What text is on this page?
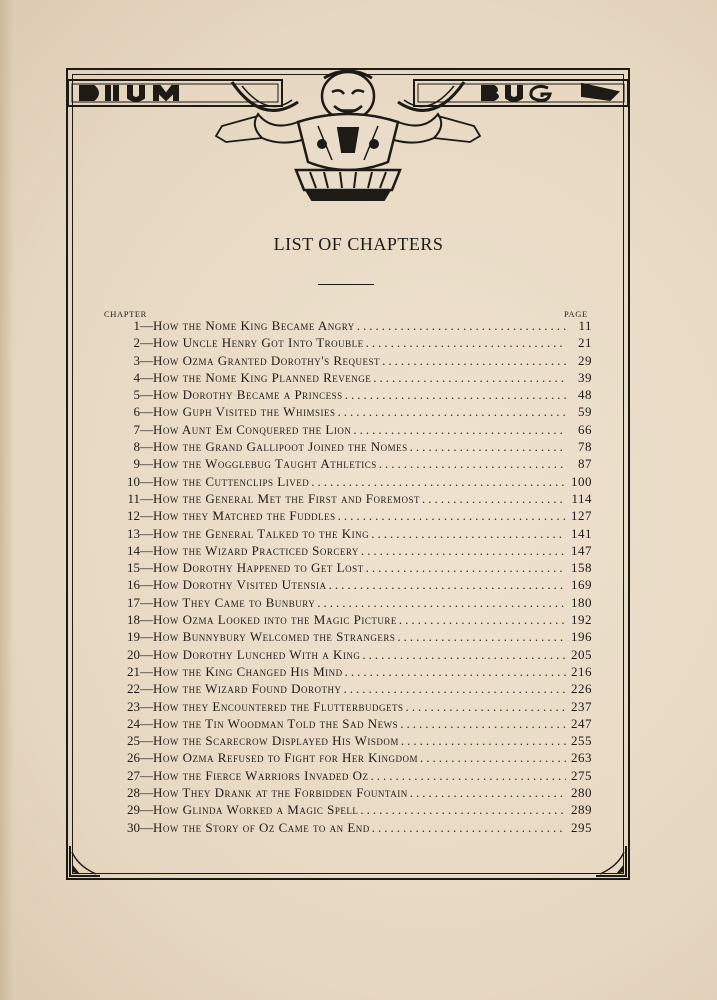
LIST OF CHAPTERS
CHAPTER	PAGE
1 — How the Nome King Became Angry .....	11
2 — How Uncle Henry Got Into Trouble .....	21
3 — How Ozma Granted Dorothy's Request .....	29
4 — How the Nome King Planned Revenge .....	39
5 — How Dorothy Became a Princess .....	48
6 — How Guph Visited the Whimsies .....	59
7 — How Aunt Em Conquered the Lion .....	66
8 — How the Grand Gallipoot Joined the Nomes .....	78
9 — How the Wogglebug Taught Athletics .....	87
10 — How the Cuttenclips Lived .....	100
11 — How the General Met the First and Foremost .....	114
12 — How they Matched the Fuddles .....	127
13 — How the General Talked to the King .....	141
14 — How the Wizard Practiced Sorcery .....	147
15 — How Dorothy Happened to Get Lost .....	158
16 — How Dorothy Visited Utensia .....	169
17 — How They Came to Bunbury .....	180
18 — How Ozma Looked into the Magic Picture .....	192
19 — How Bunnybury Welcomed the Strangers .....	196
20 — How Dorothy Lunched With a King .....	205
21 — How the King Changed His Mind .....	216
22 — How the Wizard Found Dorothy .....	226
23 — How they Encountered the Flutterbudgets .....	237
24 — How the Tin Woodman Told the Sad News .....	247
25 — How the Scarecrow Displayed His Wisdom .....	255
26 — How Ozma Refused to Fight for Her Kingdom .....	263
27 — How the Fierce Warriors Invaded Oz .....	275
28 — How They Drank at the Forbidden Fountain .....	280
29 — How Glinda Worked a Magic Spell .....	289
30 — How the Story of Oz Came to an End .....	295
